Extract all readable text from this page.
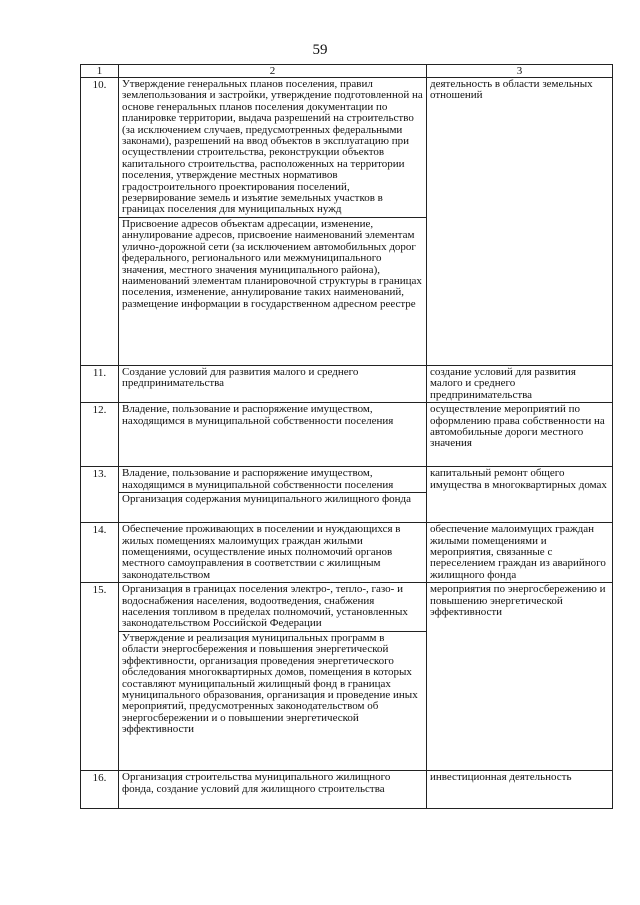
59
1	2	3
10.	Утверждение генеральных планов поселения, правил землепользования и застройки, утверждение подготовленной на основе генеральных планов поселения документации по планировке территории, выдача разрешений на строительство (за исключением случаев, предусмотренных федеральными законами), разрешений на ввод объектов в эксплуатацию при осуществлении строительства, реконструкции объектов капитального строительства, расположенных на территории поселения, утверждение местных нормативов градостроительного проектирования поселений, резервирование земель и изъятие земельных участков в границах поселения для муниципальных нужд
Присвоение адресов объектам адресации, изменение, аннулирование адресов, присвоение наименований элементам улично-дорожной сети (за исключением автомобильных дорог федерального, регионального или межмуниципального значения, местного значения муниципального района), наименований элементам планировочной структуры в границах поселения, изменение, аннулирование таких наименований, размещение информации в государственном адресном реестре	деятельность в области земельных отношений
11.	Создание условий для развития малого и среднего предпринимательства	создание условий для развития малого и среднего предпринимательства
12.	Владение, пользование и распоряжение имуществом, находящимся в муниципальной собственности поселения	осуществление мероприятий по оформлению права собственности на автомобильные дороги местного значения
13.	Владение, пользование и распоряжение имуществом, находящимся в муниципальной собственности поселения
Организация содержания муниципального жилищного фонда	капитальный ремонт общего имущества в многоквартирных домах
14.	Обеспечение проживающих в поселении и нуждающихся в жилых помещениях малоимущих граждан жилыми помещениями, осуществление иных полномочий органов местного самоуправления в соответствии с жилищным законодательством	обеспечение малоимущих граждан жилыми помещениями и мероприятия, связанные с переселением граждан из аварийного жилищного фонда
15.	Организация в границах поселения электро-, тепло-, газо- и водоснабжения населения, водоотведения, снабжения населения топливом в пределах полномочий, установленных законодательством Российской Федерации
Утверждение и реализация муниципальных программ в области энергосбережения и повышения энергетической эффективности, организация проведения энергетического обследования многоквартирных домов, помещения в которых составляют муниципальный жилищный фонд в границах муниципального образования, организация и проведение иных мероприятий, предусмотренных законодательством об энергосбережении и о повышении энергетической эффективности	мероприятия по энергосбережению и повышению энергетической эффективности
16.	Организация строительства муниципального жилищного фонда, создание условий для жилищного строительства	инвестиционная деятельность
